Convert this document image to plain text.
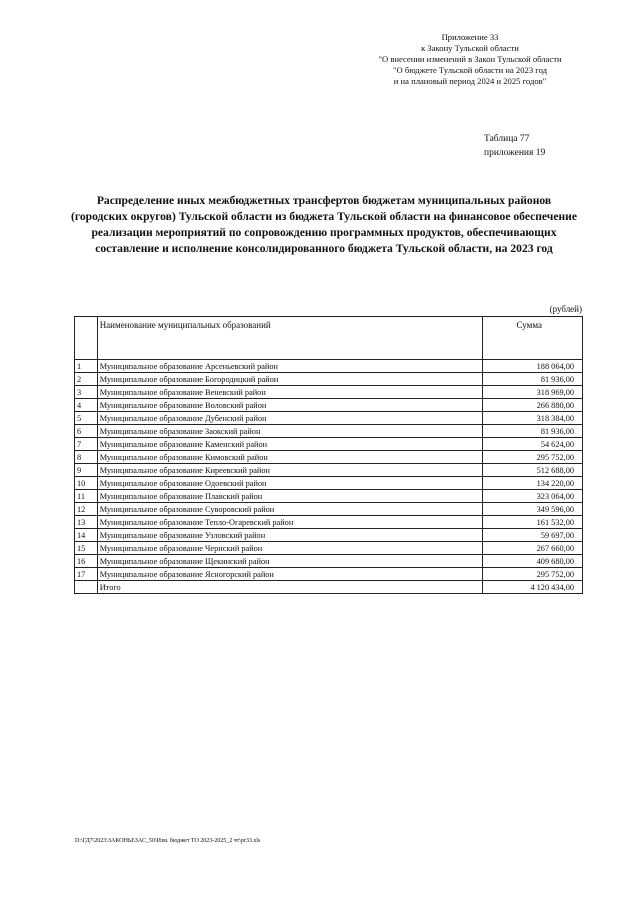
Приложение 33
к Закону Тульской области
"О внесении изменений в Закон Тульской области
"О бюджете Тульской области на 2023 год
и на плановый период 2024 и 2025 годов"
Таблица 77
приложения 19
Распределение иных межбюджетных трансфертов бюджетам муниципальных районов (городских округов) Тульской области из бюджета Тульской области на финансовое обеспечение реализации мероприятий по сопровождению программных продуктов, обеспечивающих составление и исполнение консолидированного бюджета Тульской области, на 2023 год
(рублей)
	Наименование муниципальных образований	Сумма
1	Муниципальное образование Арсеньевский район	188 064,00
2	Муниципальное образование Богородицкий район	81 936,00
3	Муниципальное образование Веневский район	318 969,00
4	Муниципальное образование Воловский район	266 880,00
5	Муниципальное образование Дубенский район	318 384,00
6	Муниципальное образование Заокский район	81 936,00
7	Муниципальное образование Каменский район	54 624,00
8	Муниципальное образование Кимовский район	295 752,00
9	Муниципальное образование Киреевский район	512 688,00
10	Муниципальное образование Одоевский район	134 220,00
11	Муниципальное образование Плавский район	323 064,00
12	Муниципальное образование Суворовский район	349 596,00
13	Муниципальное образование Тепло-Огаревский район	161 532,00
14	Муниципальное образование Узловский район	59 697,00
15	Муниципальное образование Чернский район	267 660,00
16	Муниципальное образование Щекинский район	409 680,00
17	Муниципальное образование Ясногорский район	295 752,00
	Итого	4 120 434,00
D:\ГД7\2023\ЗАКОНЫ\ЗАС_50\Изм. бюджет ТО 2023-2025_2 чт\pr33.xls
